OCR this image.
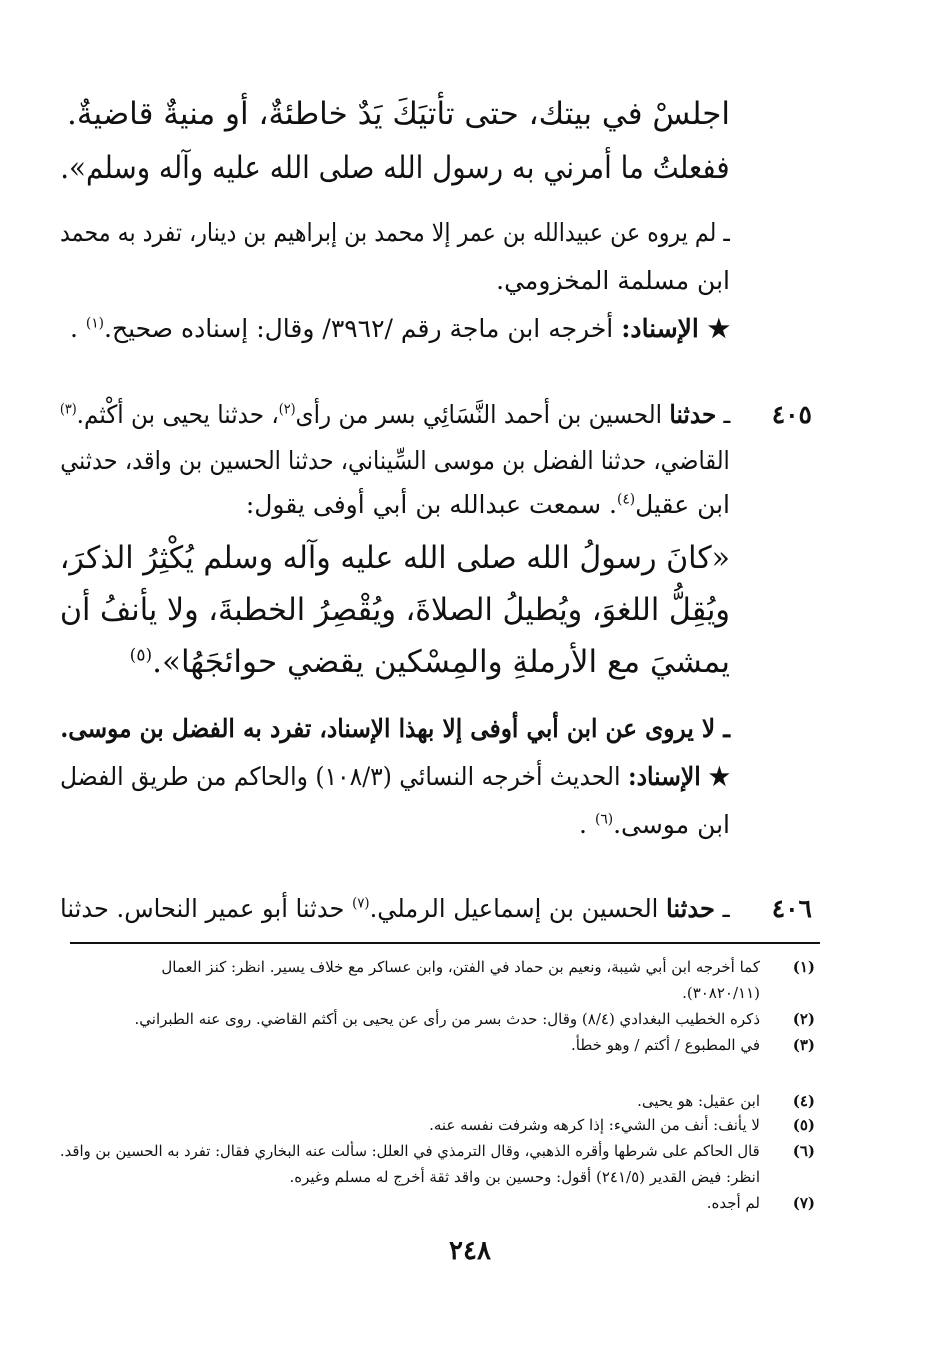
اجلسْ في بيتك، حتى تأتيَكَ يَدٌ خاطئةٌ، أو منيةٌ قاضيةٌ.
ففعلتُ ما أمرني به رسول الله صلى الله عليه وآله وسلم».
ـ لم يروه عن عبيدالله بن عمر إلا محمد بن إبراهيم بن دينار، تفرد به محمد
ابن مسلمة المخزومي.
★ الإسناد: أخرجه ابن ماجة رقم /٣٩٦٢/ وقال: إسناده صحيح.$^{(١)}$ .
٤٠٥
ـ حدثنا الحسين بن أحمد النَّسَائِي بسر من رأى$^{(٢)}$، حدثنا يحيى بن أكْثم.$^{(٣)}$
القاضي، حدثنا الفضل بن موسى السِّيناني، حدثنا الحسين بن واقد، حدثني
ابن عقيل$^{(٤)}$. سمعت عبدالله بن أبي أوفى يقول:
«كانَ رسولُ الله صلى الله عليه وآله وسلم يُكْثِرُ الذكرَ،
ويُقِلُّ اللغوَ، ويُطيلُ الصلاةَ، ويُقْصِرُ الخطبةَ، ولا يأنفُ أن
يمشيَ مع الأرملةِ والمِسْكين يقضي حوائجَهُا».$^{(٥)}$
ـ لا يروى عن ابن أبي أوفى إلا بهذا الإسناد، تفرد به الفضل بن موسى.
★ الإسناد: الحديث أخرجه النسائي (١٠٨/٣) والحاكم من طريق الفضل
ابن موسى.$^{(٦)}$ .
٤٠٦
ـ حدثنا الحسين بن إسماعيل الرملي.$^{(٧)}$ حدثنا أبو عمير النحاس. حدثنا
(١)
كما أخرجه ابن أبي شيبة، ونعيم بن حماد في الفتن، وابن عساكر مع خلاف يسير. انظر: كنز العمال
(٣٠٨٢٠/١١).
(٢)
ذكره الخطيب البغدادي (٨/٤) وقال: حدث بسر من رأى عن يحيى بن أكثم القاضي. روى عنه الطبراني.
(٣)
في المطبوع / أكتم / وهو خطأ.
(٤)
ابن عقيل: هو يحيى.
(٥)
لا يأنف: أنف من الشيء: إذا كرهه وشرفت نفسه عنه.
(٦)
قال الحاكم على شرطها وأقره الذهبي، وقال الترمذي في العلل: سألت عنه البخاري فقال: تفرد به الحسين بن واقد.
انظر: فيض القدير (٢٤١/٥) أقول: وحسين بن واقد ثقة أخرج له مسلم وغيره.
(٧)
لم أجده.
٢٤٨
